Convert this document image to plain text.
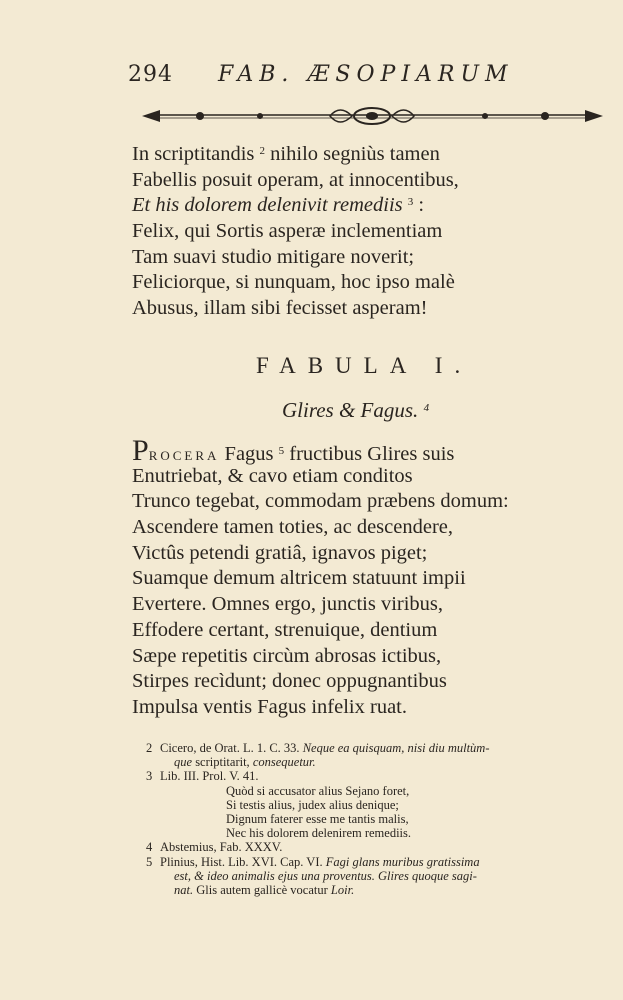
294 FAB. ÆSOPIARUM
In scriptitandis $^2$ nihilo segniùs tamen
Fabellis posuit operam, at innocentibus,
Et his dolorem delenivit remediis $^3$ :
Felix, qui Sortis asperæ inclementiam
Tam suavi studio mitigare noverit;
Feliciorque, si nunquam, hoc ipso malè
Abusus, illam sibi fecisset asperam!
FABULA I.
Glires & Fagus. $^4$
PROCERA Fagus $^5$ fructibus Glires suis
Enutriebat, & cavo etiam conditos
Trunco tegebat, commodam præbens domum:
Ascendere tamen toties, ac descendere,
Victûs petendi gratiâ, ignavos piget;
Suamque demum altricem statuunt impii
Evertere. Omnes ergo, junctis viribus,
Effodere certant, strenuique, dentium
Sæpe repetitis circùm abrosas ictibus,
Stirpes recìdunt; donec oppugnantibus
Impulsa ventis Fagus infelix ruat.
2 Cicero, de Orat. L. 1. C. 33. Neque ea quisquam, nisi diu multùm-
que scriptitarit, consequetur.
3 Lib. III. Prol. V. 41.
Quòd si accusator alius Sejano foret,
Si testis alius, judex alius denique;
Dignum faterer esse me tantis malis,
Nec his dolorem delenirem remediis.
4 Abstemius, Fab. XXXV.
5 Plinius, Hist. Lib. XVI. Cap. VI. Fagi glans muribus gratissima
est, & ideo animalis ejus una proventus. Glires quoque sagi-
nat. Glis autem gallicè vocatur Loir.
